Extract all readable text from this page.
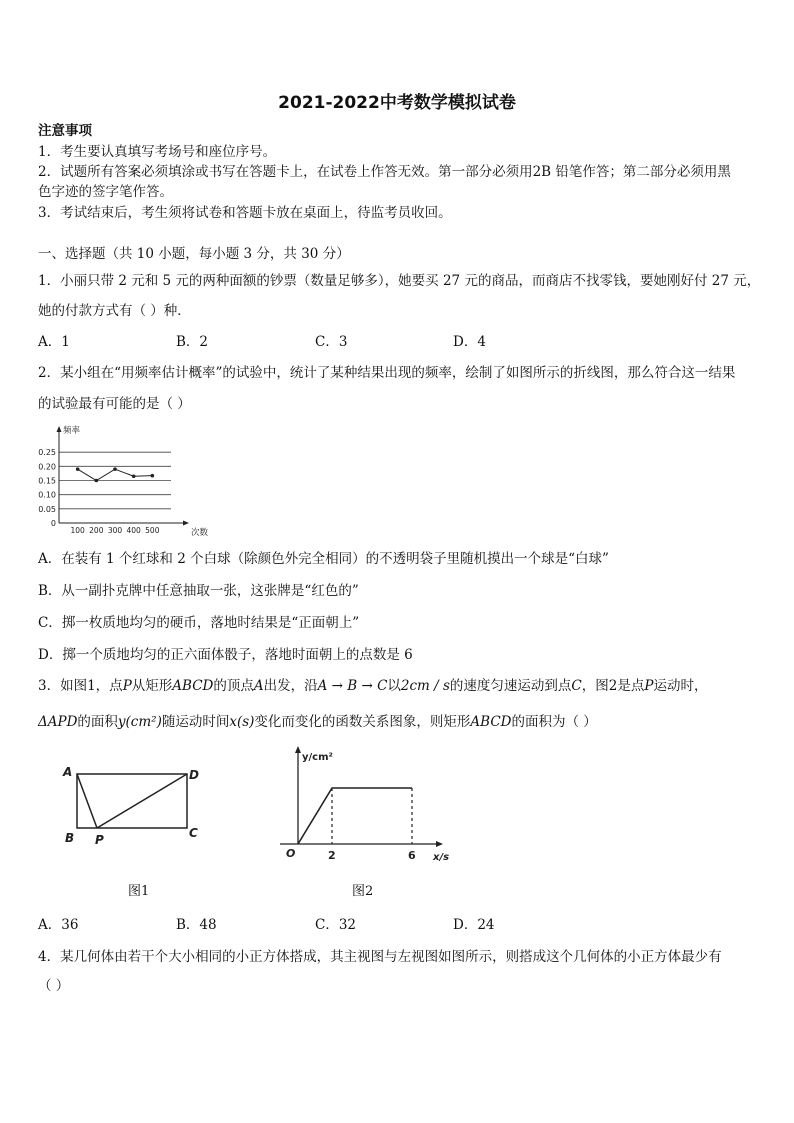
2021-2022中考数学模拟试卷
注意事项
1．考生要认真填写考场号和座位序号。
2．试题所有答案必须填涂或书写在答题卡上，在试卷上作答无效。第一部分必须用2B 铅笔作答；第二部分必须用黑
色字迹的签字笔作答。
3．考试结束后，考生须将试卷和答题卡放在桌面上，待监考员收回。
一、选择题（共 10 小题，每小题 3 分，共 30 分）
1．小丽只带 2 元和 5 元的两种面额的钞票（数量足够多），她要买 27 元的商品，而商店不找零钱，要她刚好付 27 元，
她的付款方式有（ ）种．
A．1	B．2	C．3	D．4
2．某小组在“用频率估计概率”的试验中，统计了某种结果出现的频率，绘制了如图所示的折线图，那么符合这一结果
的试验最有可能的是（ ）
0.25
0.20
0.15
0.10
0.05
0
100 200 300 400 500
频率
次数
A．在装有 1 个红球和 2 个白球（除颜色外完全相同）的不透明袋子里随机摸出一个球是“白球”
B．从一副扑克牌中任意抽取一张，这张牌是“红色的”
C．掷一枚质地均匀的硬币，落地时结果是“正面朝上”
D．掷一个质地均匀的正六面体骰子，落地时面朝上的点数是 6
3．如图1，点P从矩形ABCD的顶点A出发，沿A → B → C以2cm / s的速度匀速运动到点C，图2是点P运动时，
ΔAPD的面积y(cm²)随运动时间x(s)变化而变化的函数关系图象，则矩形ABCD的面积为（ ）
A	D
B P	C
图1
y/cm²
x/s
O	2	6
图2
A．36	B．48	C．32	D．24
4．某几何体由若干个大小相同的小正方体搭成，其主视图与左视图如图所示，则搭成这个几何体的小正方体最少有
（ ）
